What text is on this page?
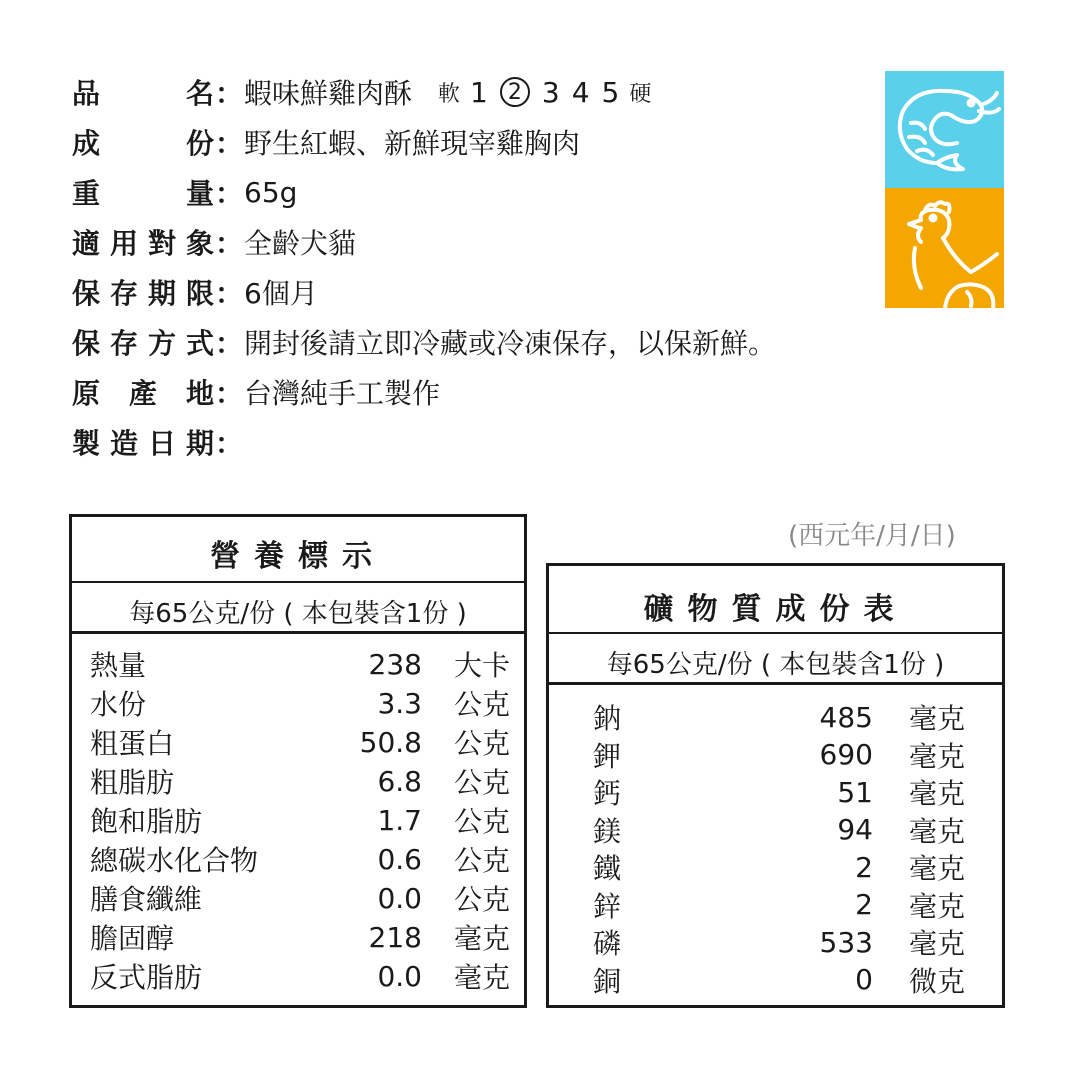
品	名 ： 蝦味鮮雞肉酥 軟 1 2 3 4 5 硬
成	份 ： 野生紅蝦、新鮮現宰雞胸肉
重	量 ： 65g
適 用 對 象 ： 全齡犬貓
保 存 期 限 ： 6個月
保 存 方 式 ： 開封後請立即冷藏或冷凍保存，以保新鮮。
原 產 地 ： 台灣純手工製作
製 造 日 期 ：
(西元年/月/日)
營養標示
每65公克/份 ( 本包裝含1份 )
熱量	238	大卡
水份	3.3	公克
粗蛋白	50.8	公克
粗脂肪	6.8	公克
飽和脂肪	1.7	公克
總碳水化合物	0.6	公克
膳食纖維	0.0	公克
膽固醇	218	毫克
反式脂肪	0.0	毫克
礦物質成份表
每65公克/份 ( 本包裝含1份 )
鈉	485	毫克
鉀	690	毫克
鈣	51	毫克
鎂	94	毫克
鐵	2	毫克
鋅	2	毫克
磷	533	毫克
銅	0	微克
